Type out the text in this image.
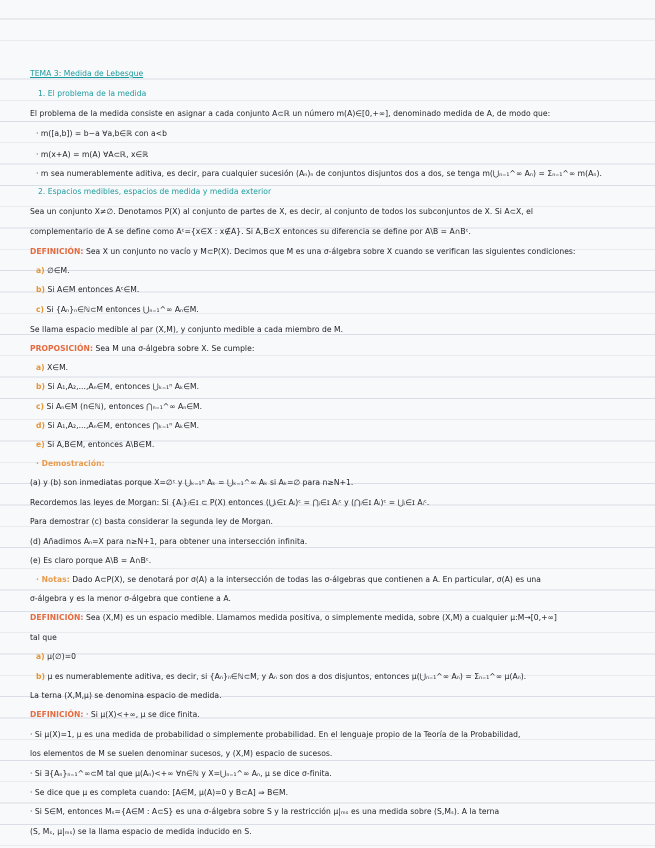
TEMA 3: Medida de Lebesgue
1. El problema de la medida
El problema de la medida consiste en asignar a cada conjunto A⊂ℝ un número m(A)∈[0,+∞], denominado medida de A, de modo que:
· m([a,b]) = b−a ∀a,b∈ℝ con a<b
· m(x+A) = m(A) ∀A⊂ℝ, x∈ℝ
· m sea numerablemente aditiva, es decir, para cualquier sucesión (Aₙ)ₙ de conjuntos disjuntos dos a dos, se tenga m(⋃ₙ₌₁^∞ Aₙ) = Σₙ₌₁^∞ m(Aₙ).
2. Espacios medibles, espacios de medida y medida exterior
Sea un conjunto X≠∅. Denotamos P(X) al conjunto de partes de X, es decir, al conjunto de todos los subconjuntos de X. Si A⊂X, el
complementario de A se define como Aᶜ={x∈X : x∉A}. Si A,B⊂X entonces su diferencia se define por A\B = A∩Bᶜ.
DEFINICIÓN: Sea X un conjunto no vacío y M⊂P(X). Decimos que M es una σ-álgebra sobre X cuando se verifican las siguientes condiciones:
a) ∅∈M.
b) Si A∈M entonces Aᶜ∈M.
c) Si {Aₙ}ₙ∈ℕ⊂M entonces ⋃ₙ₌₁^∞ Aₙ∈M.
Se llama espacio medible al par (X,M), y conjunto medible a cada miembro de M.
PROPOSICIÓN: Sea M una σ-álgebra sobre X. Se cumple:
a) X∈M.
b) Si A₁,A₂,...,Aₙ∈M, entonces ⋃ₖ₌₁ⁿ Aₖ∈M.
c) Si Aₙ∈M (n∈ℕ), entonces ⋂ₙ₌₁^∞ Aₙ∈M.
d) Si A₁,A₂,...,Aₙ∈M, entonces ⋂ₖ₌₁ⁿ Aₖ∈M.
e) Si A,B∈M, entonces A\B∈M.
· Demostración:
(a) y (b) son inmediatas porque X=∅ᶜ y ⋃ₖ₌₁ⁿ Aₖ = ⋃ₖ₌₁^∞ Aₖ si Aₖ=∅ para n≥N+1.
Recordemos las leyes de Morgan: Si {Aᵢ}ᵢ∈ɪ ⊂ P(X) entonces (⋃ᵢ∈ɪ Aᵢ)ᶜ = ⋂ᵢ∈ɪ Aᵢᶜ y (⋂ᵢ∈ɪ Aᵢ)ᶜ = ⋃ᵢ∈ɪ Aᵢᶜ.
Para demostrar (c) basta considerar la segunda ley de Morgan.
(d) Añadimos Aₙ=X para n≥N+1, para obtener una intersección infinita.
(e) Es claro porque A\B = A∩Bᶜ.
· Notas: Dado A⊂P(X), se denotará por σ(A) a la intersección de todas las σ-álgebras que contienen a A. En particular, σ(A) es una
σ-álgebra y es la menor σ-álgebra que contiene a A.
DEFINICIÓN: Sea (X,M) es un espacio medible. Llamamos medida positiva, o simplemente medida, sobre (X,M) a cualquier μ:M→[0,+∞]
tal que
a) μ(∅)=0
b) μ es numerablemente aditiva, es decir, si {Aₙ}ₙ∈ℕ⊂M, y Aₙ son dos a dos disjuntos, entonces μ(⋃ₙ₌₁^∞ Aₙ) = Σₙ₌₁^∞ μ(Aₙ).
La terna (X,M,μ) se denomina espacio de medida.
DEFINICIÓN: · Si μ(X)<+∞, μ se dice finita.
· Si μ(X)=1, μ es una medida de probabilidad o simplemente probabilidad. En el lenguaje propio de la Teoría de la Probabilidad,
los elementos de M se suelen denominar sucesos, y (X,M) espacio de sucesos.
· Si ∃{Aₙ}ₙ₌₁^∞⊂M tal que μ(Aₙ)<+∞ ∀n∈ℕ y X=⋃ₙ₌₁^∞ Aₙ, μ se dice σ-finita.
· Se dice que μ es completa cuando: [A∈M, μ(A)=0 y B⊂A] ⇒ B∈M.
· Si S∈M, entonces Mₛ={A∈M : A⊂S} es una σ-álgebra sobre S y la restricción μ|ₘₛ es una medida sobre (S,Mₛ). A la terna
(S, Mₛ, μ|ₘₛ) se la llama espacio de medida inducido en S.
